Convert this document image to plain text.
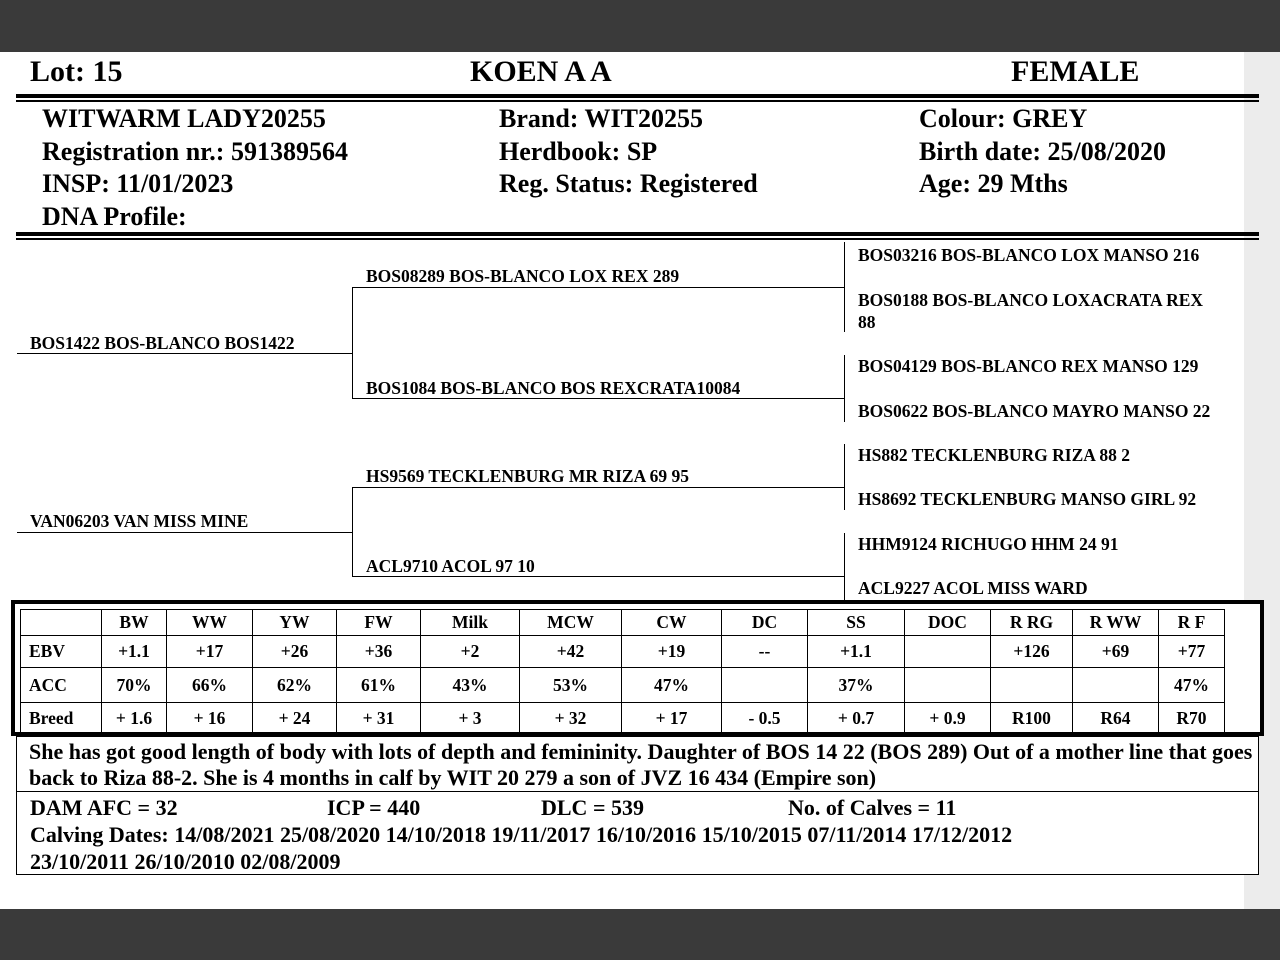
Lot: 15	KOEN A A	FEMALE
WITWARM LADY20255
Registration nr.: 591389564
INSP: 11/01/2023
DNA Profile:
Brand: WIT20255
Herdbook: SP
Reg. Status: Registered
Colour: GREY
Birth date: 25/08/2020
Age: 29 Mths
BOS1422 BOS-BLANCO BOS1422
VAN06203 VAN MISS MINE
BOS08289 BOS-BLANCO LOX REX 289
BOS1084 BOS-BLANCO BOS REXCRATA10084
HS9569 TECKLENBURG MR RIZA 69 95
ACL9710 ACOL 97 10
BOS03216 BOS-BLANCO LOX MANSO 216
BOS0188 BOS-BLANCO LOXACRATA REX
88
BOS04129 BOS-BLANCO REX MANSO 129
BOS0622 BOS-BLANCO MAYRO MANSO 22
HS882 TECKLENBURG RIZA 88 2
HS8692 TECKLENBURG MANSO GIRL 92
HHM9124 RICHUGO HHM 24 91
ACL9227 ACOL MISS WARD
	BW	WW	YW	FW	Milk	MCW	CW	DC	SS	DOC	R RG	R WW	R F
EBV	+1.1	+17	+26	+36	+2	+42	+19	--	+1.1		+126	+69	+77
ACC	70%	66%	62%	61%	43%	53%	47%		37%				47%
Breed	+ 1.6	+ 16	+ 24	+ 31	+ 3	+ 32	+ 17	- 0.5	+ 0.7	+ 0.9	R100	R64	R70
She has got good length of body with lots of depth and femininity. Daughter of BOS 14 22 (BOS 289) Out of a mother line that goes back to Riza 88-2. She is 4 months in calf by WIT 20 279 a son of JVZ 16 434 (Empire son)
DAM AFC = 32	ICP = 440	DLC = 539	No. of Calves = 11
Calving Dates: 14/08/2021 25/08/2020 14/10/2018 19/11/2017 16/10/2016 15/10/2015 07/11/2014 17/12/2012
23/10/2011 26/10/2010 02/08/2009
